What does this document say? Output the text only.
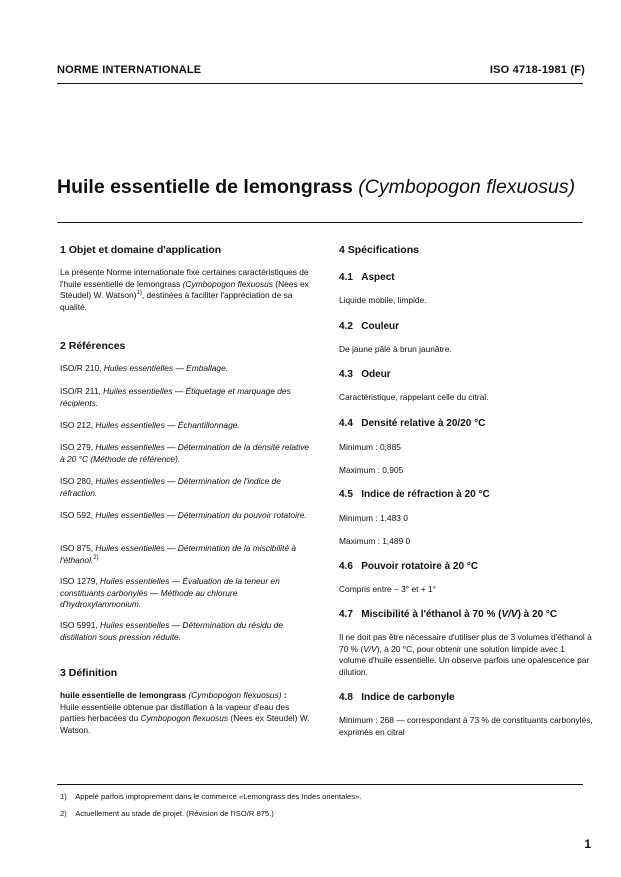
NORME INTERNATIONALE	ISO 4718-1981 (F)
Huile essentielle de lemongrass (Cymbopogon flexuosus)
1 Objet et domaine d'application

La présente Norme internationale fixe certaines caractéristiques de l'huile essentielle de lemongrass (Cymbopogon flexuosus (Nees ex Steudel) W. Watson)$^{1)}$, destinées à faciliter l'appréciation de sa qualité.

2 Références
ISO/R 210, Huiles essentielles — Emballage.
ISO/R 211, Huiles essentielles — Étiquetage et marquage des récipients.
ISO 212, Huiles essentielles — Échantillonnage.
ISO 279, Huiles essentielles — Détermination de la densité relative à 20 °C (Méthode de référence).
ISO 280, Huiles essentielles — Détermination de l'indice de réfraction.
ISO 592, Huiles essentielles — Détermination du pouvoir rotatoire.
ISO 875, Huiles essentielles — Détermination de la miscibilité à l'éthanol.$^{2)}$
ISO 1279, Huiles essentielles — Évaluation de la teneur en constituants carbonylés — Méthode au chlorure d'hydroxylammonium.
ISO 5991, Huiles essentielles — Détermination du résidu de distillation sous pression réduite.
3 Définition

huile essentielle de lemongrass (Cymbopogon flexuosus) :

Huile essentielle obtenue par distillation à la vapeur d'eau des parties herbacées du Cymbopogon flexuosus (Nees ex Steudel) W. Watson.

4 Spécifications
4.1 Aspect
Liquide mobile, limpide.
4.2 Couleur
De jaune pâle à brun jaunâtre.
4.3 Odeur
Caractéristique, rappelant celle du citral.
4.4 Densité relative à 20/20 °C
Minimum : 0,885
Maximum : 0,905
4.5 Indice de réfraction à 20 °C
Minimum : 1,483 0
Maximum : 1,489 0
4.6 Pouvoir rotatoire à 20 °C
Compris entre − 3° et + 1°
4.7 Miscibilité à l'éthanol à 70 % (V/V) à 20 °C

Il ne doit pas être nécessaire d'utiliser plus de 3 volumes d'éthanol à 70 % (V/V), à 20 °C, pour obtenir une solution limpide avec 1 volume d'huile essentielle. Un observe parfois une opalescence par dilution.

4.8 Indice de carbonyle
Minimum : 268 — correspondant à 73 % de constituants carbonylés, exprimés en citral
1) Appelé parfois improprement dans le commerce «Lemongrass des Indes orientales».
2) Actuellement au stade de projet. (Révision de l'ISO/R 875.)
1
